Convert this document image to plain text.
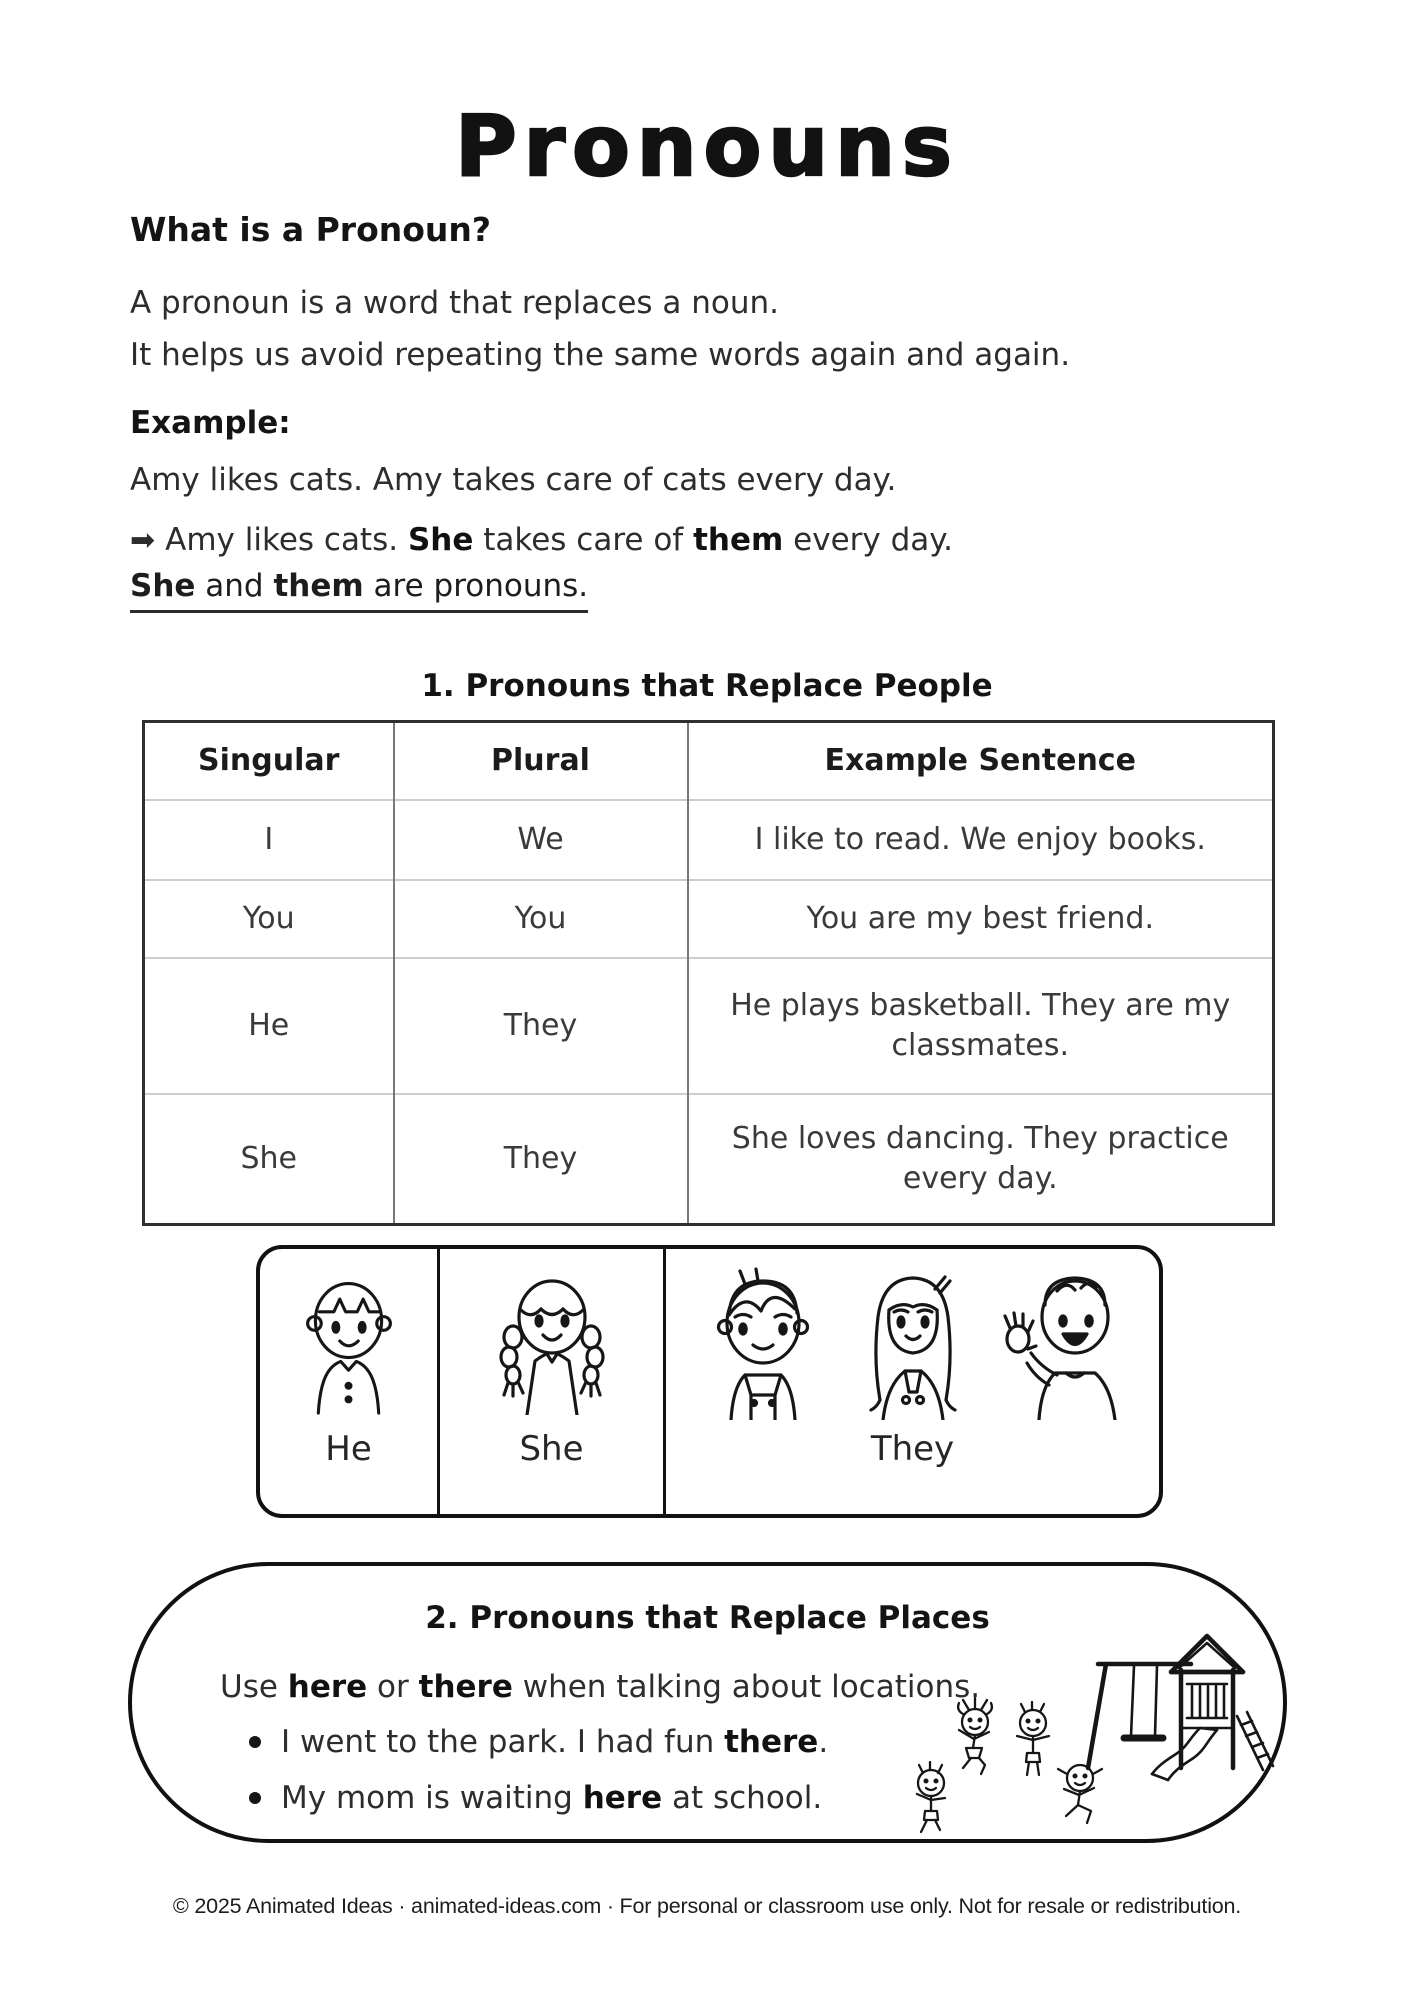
Pronouns
What is a Pronoun?
A pronoun is a word that replaces a noun.
It helps us avoid repeating the same words again and again.
Example:
Amy likes cats. Amy takes care of cats every day.
➡ Amy likes cats. She takes care of them every day.
She and them are pronouns.
1. Pronouns that Replace People
Singular	Plural	Example Sentence
I	We	I like to read. We enjoy books.
You	You	You are my best friend.
He	They	He plays basketball. They are my classmates.
She	They	She loves dancing. They practice every day.
He	She	They
2. Pronouns that Replace Places
Use here or there when talking about locations.
I went to the park. I had fun there.
My mom is waiting here at school.
© 2025 Animated Ideas · animated-ideas.com · For personal or classroom use only. Not for resale or redistribution.
